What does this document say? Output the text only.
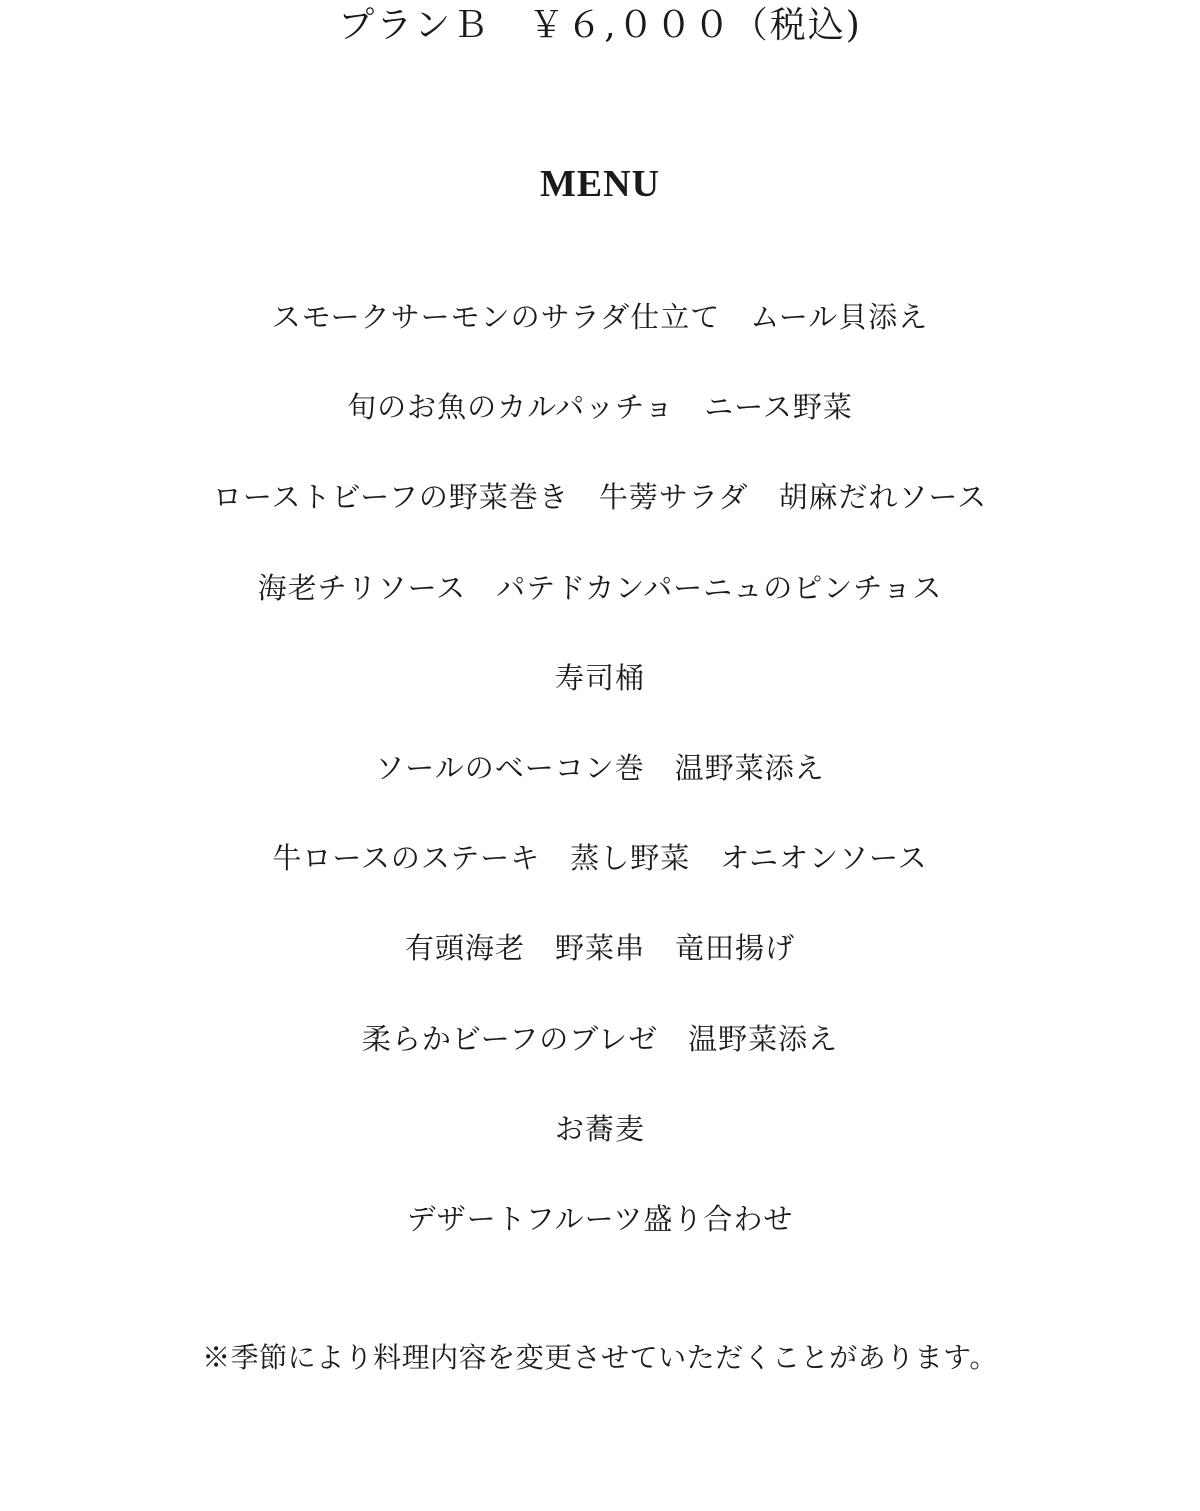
プランＢ　￥６,０００（税込)
MENU
スモークサーモンのサラダ仕立て　ムール貝添え
旬のお魚のカルパッチョ　ニース野菜
ローストビーフの野菜巻き　牛蒡サラダ　胡麻だれソース
海老チリソース　パテドカンパーニュのピンチョス
寿司桶
ソールのベーコン巻　温野菜添え
牛ロースのステーキ　蒸し野菜　オニオンソース
有頭海老　野菜串　竜田揚げ
柔らかビーフのブレゼ　温野菜添え
お蕎麦
デザートフルーツ盛り合わせ
※季節により料理内容を変更させていただくことがあります。
